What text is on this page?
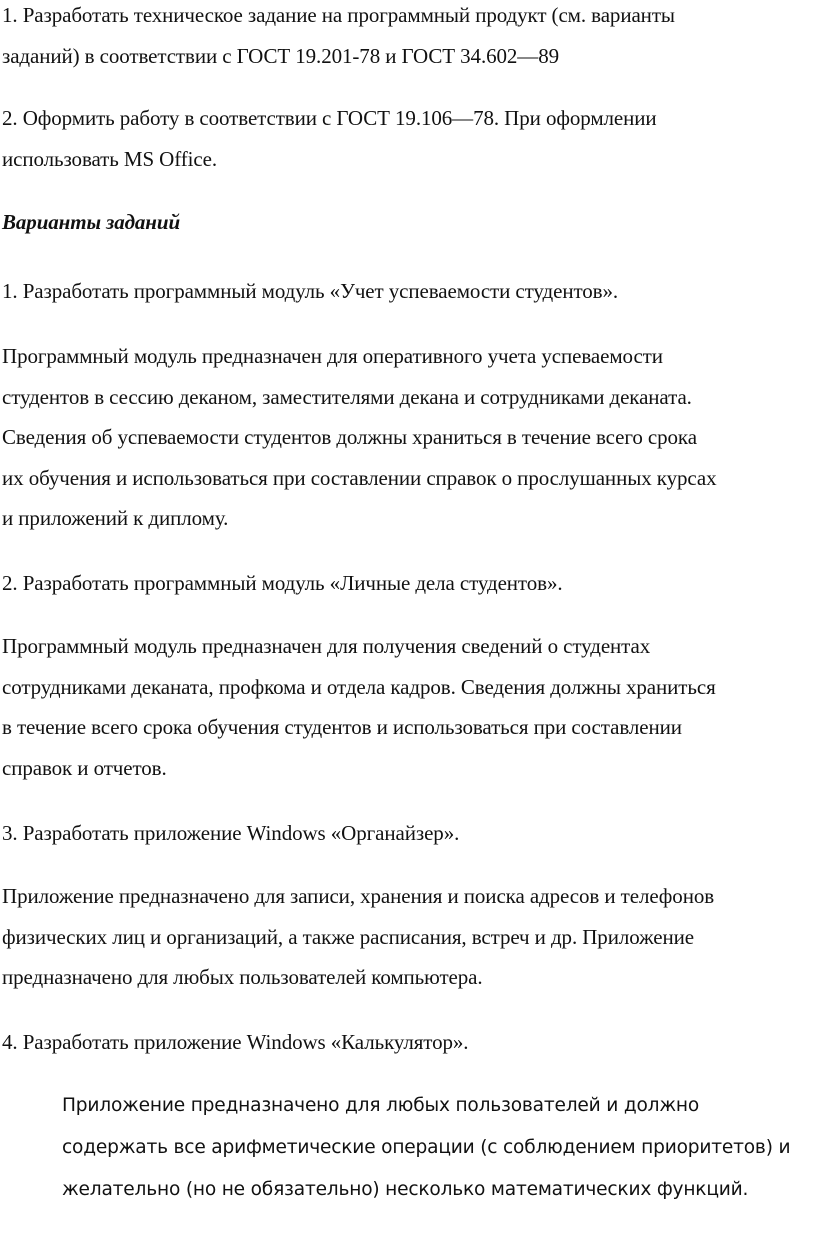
1. Разработать техническое задание на программный продукт (см. варианты
заданий) в соответствии с ГОСТ 19.201-78 и ГОСТ 34.602—89

2. Оформить работу в соответствии с ГОСТ 19.106—78. При оформлении
использовать MS Office.

Варианты заданий

1. Разработать программный модуль «Учет успеваемости студентов».

Программный модуль предназначен для оперативного учета успеваемости
студентов в сессию деканом, заместителями декана и сотрудниками деканата.
Сведения об успеваемости студентов должны храниться в течение всего срока
их обучения и использоваться при составлении справок о прослушанных курсах
и приложений к диплому.

2. Разработать программный модуль «Личные дела студентов».

Программный модуль предназначен для получения сведений о студентах
сотрудниками деканата, профкома и отдела кадров. Сведения должны храниться
в течение всего срока обучения студентов и использоваться при составлении
справок и отчетов.

3. Разработать приложение Windows «Органайзер».

Приложение предназначено для записи, хранения и поиска адресов и телефонов
физических лиц и организаций, а также расписания, встреч и др. Приложение
предназначено для любых пользователей компьютера.

4. Разработать приложение Windows «Калькулятор».

Приложение предназначено для любых пользователей и должно
содержать все арифметические операции (с соблюдением приоритетов) и
желательно (но не обязательно) несколько математических функций.
